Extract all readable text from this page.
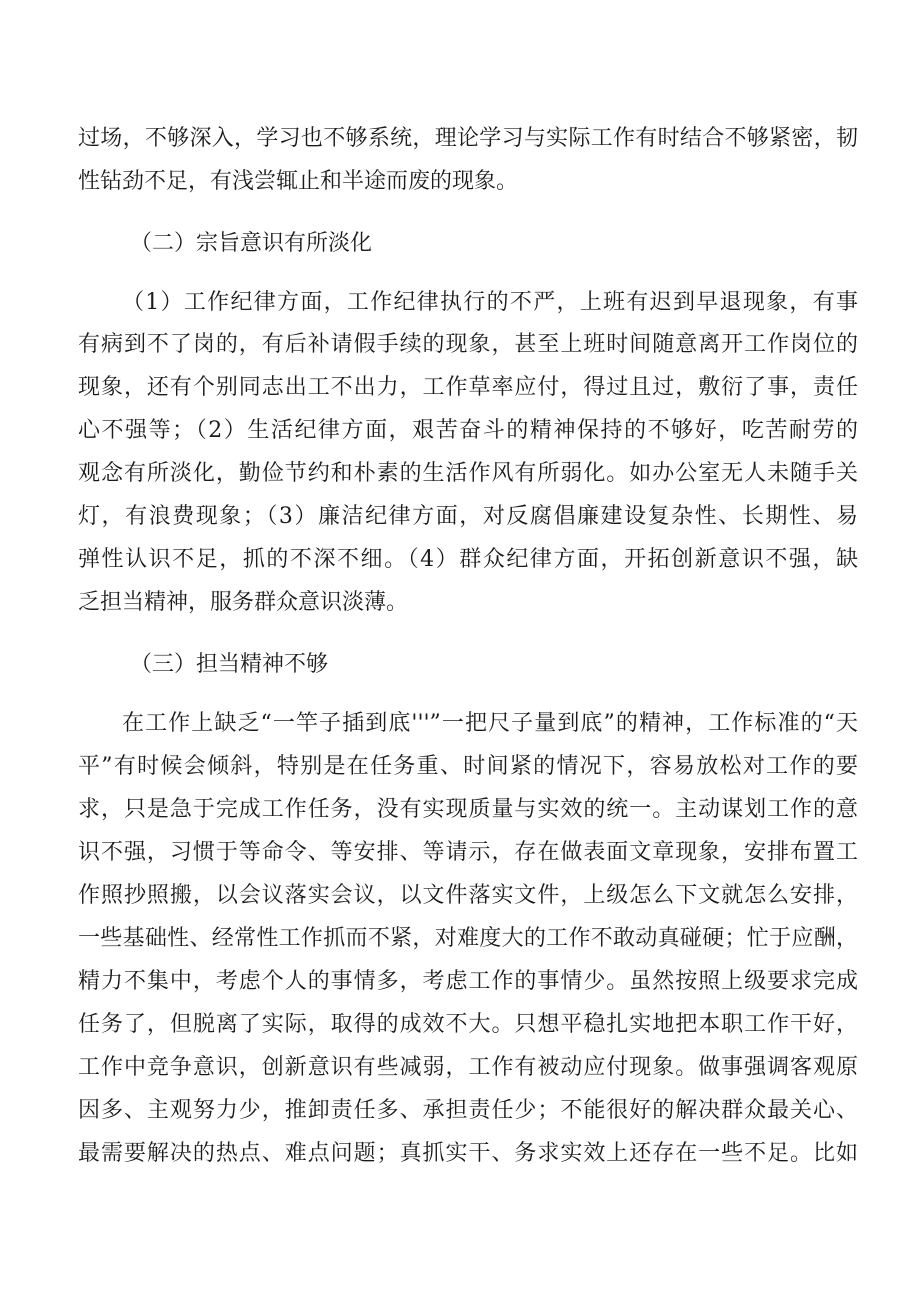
过场，不够深入，学习也不够系统，理论学习与实际工作有时结合不够紧密，韧
性钻劲不足，有浅尝辄止和半途而废的现象。
（二）宗旨意识有所淡化
（1）工作纪律方面，工作纪律执行的不严，上班有迟到早退现象，有事
有病到不了岗的，有后补请假手续的现象，甚至上班时间随意离开工作岗位的
现象，还有个别同志出工不出力，工作草率应付，得过且过，敷衍了事，责任
心不强等；（2）生活纪律方面，艰苦奋斗的精神保持的不够好，吃苦耐劳的
观念有所淡化，勤俭节约和朴素的生活作风有所弱化。如办公室无人未随手关
灯，有浪费现象；（3）廉洁纪律方面，对反腐倡廉建设复杂性、长期性、易
弹性认识不足，抓的不深不细。（4）群众纪律方面，开拓创新意识不强，缺
乏担当精神，服务群众意识淡薄。
（三）担当精神不够
在工作上缺乏“一竿子插到底'''”一把尺子量到底”的精神，工作标准的“天
平”有时候会倾斜，特别是在任务重、时间紧的情况下，容易放松对工作的要
求，只是急于完成工作任务，没有实现质量与实效的统一。主动谋划工作的意
识不强，习惯于等命令、等安排、等请示，存在做表面文章现象，安排布置工
作照抄照搬，以会议落实会议，以文件落实文件，上级怎么下文就怎么安排，
一些基础性、经常性工作抓而不紧，对难度大的工作不敢动真碰硬；忙于应酬，
精力不集中，考虑个人的事情多，考虑工作的事情少。虽然按照上级要求完成
任务了，但脱离了实际，取得的成效不大。只想平稳扎实地把本职工作干好，
工作中竞争意识，创新意识有些减弱，工作有被动应付现象。做事强调客观原
因多、主观努力少，推卸责任多、承担责任少；不能很好的解决群众最关心、
最需要解决的热点、难点问题；真抓实干、务求实效上还存在一些不足。比如
